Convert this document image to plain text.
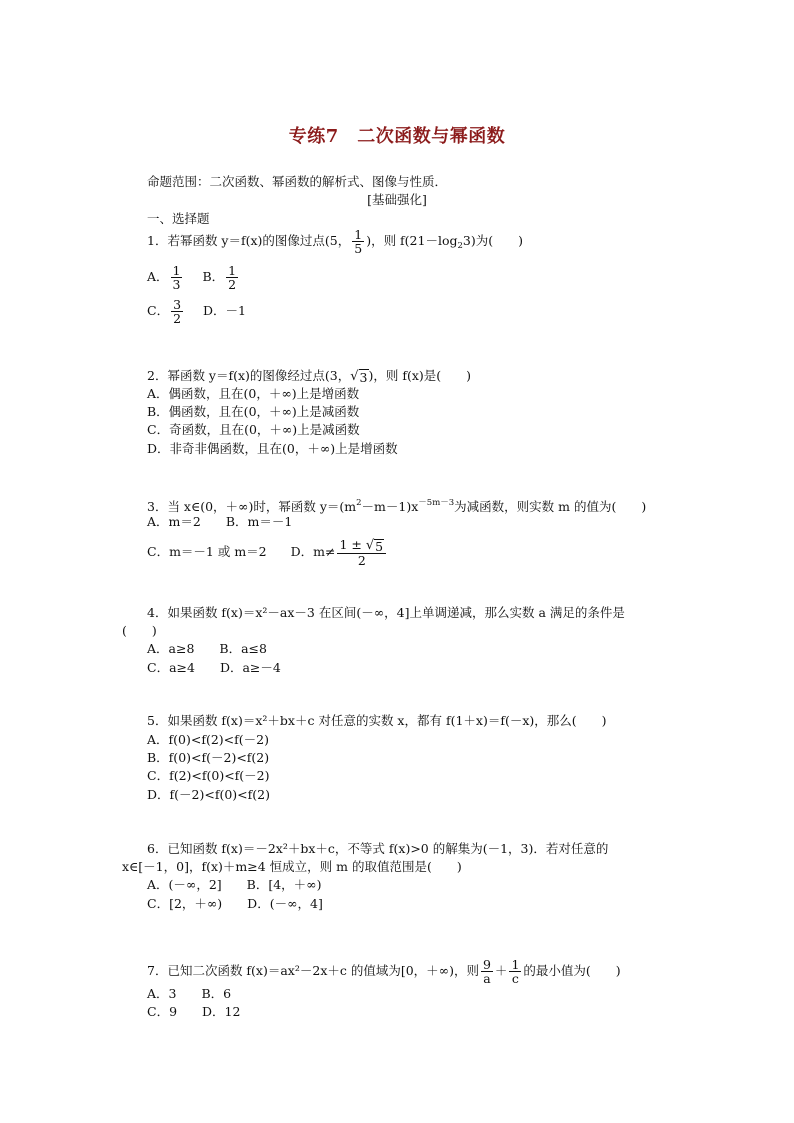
专练7　二次函数与幂函数
命题范围：二次函数、幂函数的解析式、图像与性质．
[基础强化]
一、选择题
1．若幂函数 y＝f(x)的图像过点(5， $\frac{1}{5}$ )，则 $f(21-\log_23)$为(　　)
A． $\frac{1}{3}$ B． $\frac{1}{2}$
C． $\frac{3}{2}$ D．－1
2．幂函数 y＝f(x)的图像经过点(3， √ 3 )，则 f(x)是(　　)
A．偶函数，且在(0，＋∞)上是增函数
B．偶函数，且在(0，＋∞)上是减函数
C．奇函数，且在(0，＋∞)上是减函数
D．非奇非偶函数，且在(0，＋∞)上是增函数
3．当 x∈(0，＋∞)时，幂函数 $y=(m^2-m-1)x^{-5m-3}$为减函数，则实数 m 的值为(　　)
A．m＝2　　B．m＝－1
C．m＝－1 或 m＝2 D．$m\ne \frac{1 \pm √ 5}{2}$
4．如果函数 f(x)＝x²－ax－3 在区间(－∞，4]上单调递减，那么实数 a 满足的条件是
(　　)
A．a≥8　　B．a≤8
C．a≥4　　D．a≥－4
5．如果函数 f(x)＝x²＋bx＋c 对任意的实数 x，都有 f(1＋x)＝f(－x)，那么(　　)
A．f(0)<f(2)<f(－2)
B．f(0)<f(－2)<f(2)
C．f(2)<f(0)<f(－2)
D．f(－2)<f(0)<f(2)
6．已知函数 f(x)＝－2x²＋bx＋c，不等式 f(x)>0 的解集为(－1，3)．若对任意的
x∈[－1，0]，f(x)＋m≥4 恒成立，则 m 的取值范围是(　　)
A．(－∞，2]　　B．[4，＋∞)
C．[2，＋∞)　　D．(－∞，4]
7．已知二次函数 f(x)＝ax²－2x＋c 的值域为[0，＋∞)，则 $\frac{9}{a} + \frac{1}{c}$ 的最小值为(　　)
A．3　　B．6
C．9　　D．12
